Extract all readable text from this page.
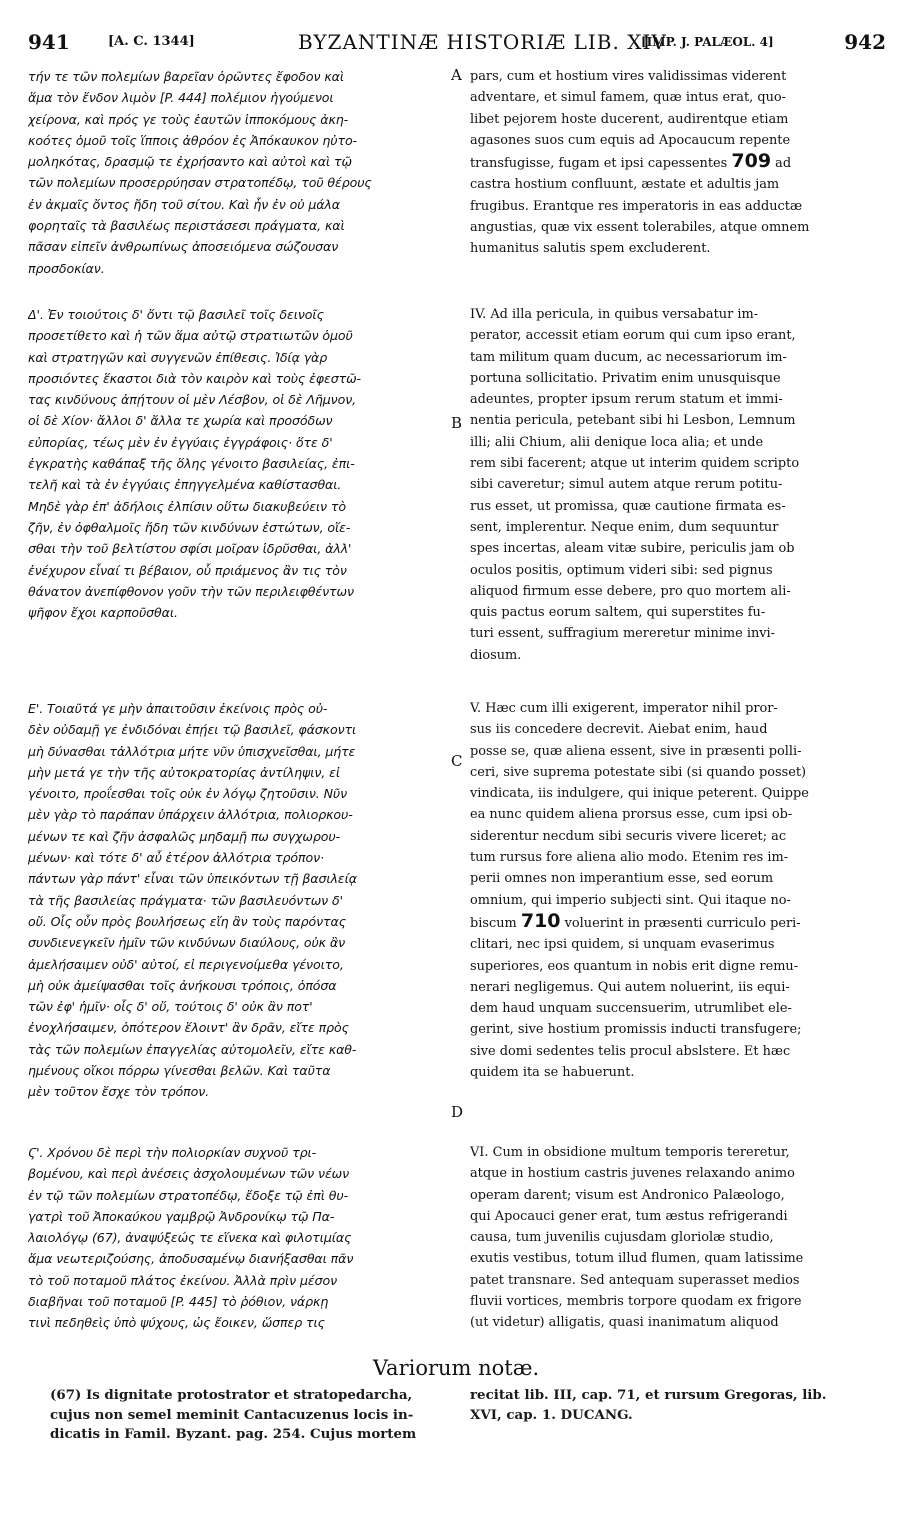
941	[A. C. 1344]	BYZANTINÆ HISTORIÆ LIB. XIV
[IMP. J. PALÆOL. 4]	942
A
B
C
D

τήν τε τῶν πολεμίων βαρεῖαν ὁρῶντες ἔφοδον καὶ
ἅμα τὸν ἔνδον λιμὸν [P. 444] πολέμιον ἡγούμενοι
χείρονα, καὶ πρός γε τοὺς ἑαυτῶν ἱπποκόμους ἀκη-
κοότες ὁμοῦ τοῖς ἵπποις ἀθρόον ἐς Ἀπόκαυκον ηὐτο-
μοληκότας, δρασμῷ τε ἐχρήσαντο καὶ αὐτοὶ καὶ τῷ
τῶν πολεμίων προσερρύησαν στρατοπέδῳ, τοῦ θέρους
ἐν ἀκμαῖς ὄντος ἤδη τοῦ σίτου. Καὶ ἦν ἐν οὐ μάλα
φορηταῖς τὰ βασιλέως περιστάσεσι πράγματα, καὶ
πᾶσαν εἰπεῖν ἀνθρωπίνως ἀποσειόμενα σώζουσαν
προσδοκίαν.

Δ'. Ἐν τοιούτοις δ' ὄντι τῷ βασιλεῖ τοῖς δεινοῖς
προσετίθετο καὶ ἡ τῶν ἅμα αὐτῷ στρατιωτῶν ὁμοῦ
καὶ στρατηγῶν καὶ συγγενῶν ἐπίθεσις. Ἰδίᾳ γὰρ
προσιόντες ἕκαστοι διὰ τὸν καιρὸν καὶ τοὺς ἐφεστῶ-
τας κινδύνους ἀπῄτουν οἱ μὲν Λέσβον, οἱ δὲ Λῆμνον,
οἱ δὲ Χίον· ἄλλοι δ' ἄλλα τε χωρία καὶ προσόδων
εὐπορίας, τέως μὲν ἐν ἐγγύαις ἐγγράφοις· ὅτε δ'
ἐγκρατὴς καθάπαξ τῆς ὅλης γένοιτο βασιλείας, ἐπι-
τελῆ καὶ τὰ ἐν ἐγγύαις ἐπηγγελμένα καθίστασθαι.
Μηδὲ γὰρ ἐπ' ἀδήλοις ἐλπίσιν οὕτω διακυβεύειν τὸ
ζῆν, ἐν ὀφθαλμοῖς ἤδη τῶν κινδύνων ἑστώτων, οἴε-
σθαι τὴν τοῦ βελτίστου σφίσι μοῖραν ἱδρῦσθαι, ἀλλ'
ἐνέχυρον εἶναί τι βέβαιον, οὗ πριάμενος ἂν τις τὸν
θάνατον ἀνεπίφθονον γοῦν τὴν τῶν περιλειφθέντων
ψῆφον ἔχοι καρποῦσθαι.

Ε'. Τοιαῦτά γε μὴν ἀπαιτοῦσιν ἐκείνοις πρὸς οὐ-
δὲν οὐδαμῇ γε ἐνδιδόναι ἐπῄει τῷ βασιλεῖ, φάσκοντι
μὴ δύνασθαι τἀλλότρια μήτε νῦν ὑπισχνεῖσθαι, μήτε
μὴν μετά γε τὴν τῆς αὐτοκρατορίας ἀντίληψιν, εἰ
γένοιτο, προΐεσθαι τοῖς οὐκ ἐν λόγῳ ζητοῦσιν. Νῦν
μὲν γὰρ τὸ παράπαν ὑπάρχειν ἀλλότρια, πολιορκου-
μένων τε καὶ ζῆν ἀσφαλῶς μηδαμῇ πω συγχωρου-
μένων· καὶ τότε δ' αὖ ἑτέρον ἀλλότρια τρόπον·
πάντων γὰρ πάντ' εἶναι τῶν ὑπεικόντων τῇ βασιλείᾳ
τὰ τῆς βασιλείας πράγματα· τῶν βασιλευόντων δ'
οὔ. Οἷς οὖν πρὸς βουλήσεως εἴη ἂν τοὺς παρόντας
συνδιενεγκεῖν ἡμῖν τῶν κινδύνων διαύλους, οὐκ ἂν
ἀμελήσαιμεν οὐδ' αὐτοί, εἰ περιγενοίμεθα γένοιτο,
μὴ οὐκ ἀμείψασθαι τοῖς ἀνήκουσι τρόποις, ὁπόσα
τῶν ἐφ' ἡμῖν· οἷς δ' οὔ, τούτοις δ' οὐκ ἂν ποτ'
ἐνοχλήσαιμεν, ὁπότερον ἕλοιντ' ἂν δρᾶν, εἴτε πρὸς
τὰς τῶν πολεμίων ἐπαγγελίας αὐτομολεῖν, εἴτε καθ-
ημένους οἴκοι πόρρω γίνεσθαι βελῶν. Καὶ ταῦτα
μὲν τοῦτον ἔσχε τὸν τρόπον.

Ϛ'. Χρόνου δὲ περὶ τὴν πολιορκίαν συχνοῦ τρι-
βομένου, καὶ περὶ ἀνέσεις ἀσχολουμένων τῶν νέων
ἐν τῷ τῶν πολεμίων στρατοπέδῳ, ἔδοξε τῷ ἐπὶ θυ-
γατρὶ τοῦ Ἀποκαύκου γαμβρῷ Ἀνδρονίκῳ τῷ Πα-
λαιολόγῳ (67), ἀναψύξεώς τε εἵνεκα καὶ φιλοτιμίας
ἅμα νεωτεριζούσης, ἀποδυσαμένῳ διανήξασθαι πᾶν
τὸ τοῦ ποταμοῦ πλάτος ἐκείνου. Ἀλλὰ πρὶν μέσον
διαβῆναι τοῦ ποταμοῦ [P. 445] τὸ ῥόθιον, νάρκῃ
τινὶ πεδηθεὶς ὑπὸ ψύχους, ὡς ἔοικεν, ὥσπερ τις

pars, cum et hostium vires validissimas viderent
adventare, et simul famem, quæ intus erat, quo-
libet pejorem hoste ducerent, audirentque etiam
agasones suos cum equis ad Apocaucum repente
transfugisse, fugam et ipsi capessentes 709 ad
castra hostium confluunt, æstate et adultis jam
frugibus. Erantque res imperatoris in eas adductæ
angustias, quæ vix essent tolerabiles, atque omnem
humanitus salutis spem excluderent.

IV. Ad illa pericula, in quibus versabatur im-
perator, accessit etiam eorum qui cum ipso erant,
tam militum quam ducum, ac necessariorum im-
portuna sollicitatio. Privatim enim unusquisque
adeuntes, propter ipsum rerum statum et immi-
nentia pericula, petebant sibi hi Lesbon, Lemnum
illi; alii Chium, alii denique loca alia; et unde
rem sibi facerent; atque ut interim quidem scripto
sibi caveretur; simul autem atque rerum potitu-
rus esset, ut promissa, quæ cautione firmata es-
sent, implerentur. Neque enim, dum sequuntur
spes incertas, aleam vitæ subire, periculis jam ob
oculos positis, optimum videri sibi: sed pignus
aliquod firmum esse debere, pro quo mortem ali-
quis pactus eorum saltem, qui superstites fu-
turi essent, suffragium mereretur minime invi-
diosum.

V. Hæc cum illi exigerent, imperator nihil pror-
sus iis concedere decrevit. Aiebat enim, haud
posse se, quæ aliena essent, sive in præsenti polli-
ceri, sive suprema potestate sibi (si quando posset)
vindicata, iis indulgere, qui inique peterent. Quippe
ea nunc quidem aliena prorsus esse, cum ipsi ob-
siderentur necdum sibi securis vivere liceret; ac
tum rursus fore aliena alio modo. Etenim res im-
perii omnes non imperantium esse, sed eorum
omnium, qui imperio subjecti sint. Qui itaque no-
biscum 710 voluerint in præsenti curriculo peri-
clitari, nec ipsi quidem, si unquam evaserimus
superiores, eos quantum in nobis erit digne remu-
nerari negligemus. Qui autem noluerint, iis equi-
dem haud unquam succensuerim, utrumlibet ele-
gerint, sive hostium promissis inducti transfugere;
sive domi sedentes telis procul abslstere. Et hæc
quidem ita se habuerunt.

VI. Cum in obsidione multum temporis tereretur,
atque in hostium castris juvenes relaxando animo
operam darent; visum est Andronico Palæologo,
qui Apocauci gener erat, tum æstus refrigerandi
causa, tum juvenilis cujusdam gloriolæ studio,
exutis vestibus, totum illud flumen, quam latissime
patet transnare. Sed antequam superasset medios
fluvii vortices, membris torpore quodam ex frigore
(ut videtur) alligatis, quasi inanimatum aliquod

Variorum notæ.
(67) Is dignitate protostrator et stratopedarcha,
cujus non semel meminit Cantacuzenus locis in-
dicatis in Famil. Byzant. pag. 254. Cujus mortem
recitat lib. III, cap. 71, et rursum Gregoras, lib.
XVI, cap. 1. DUCANG.
